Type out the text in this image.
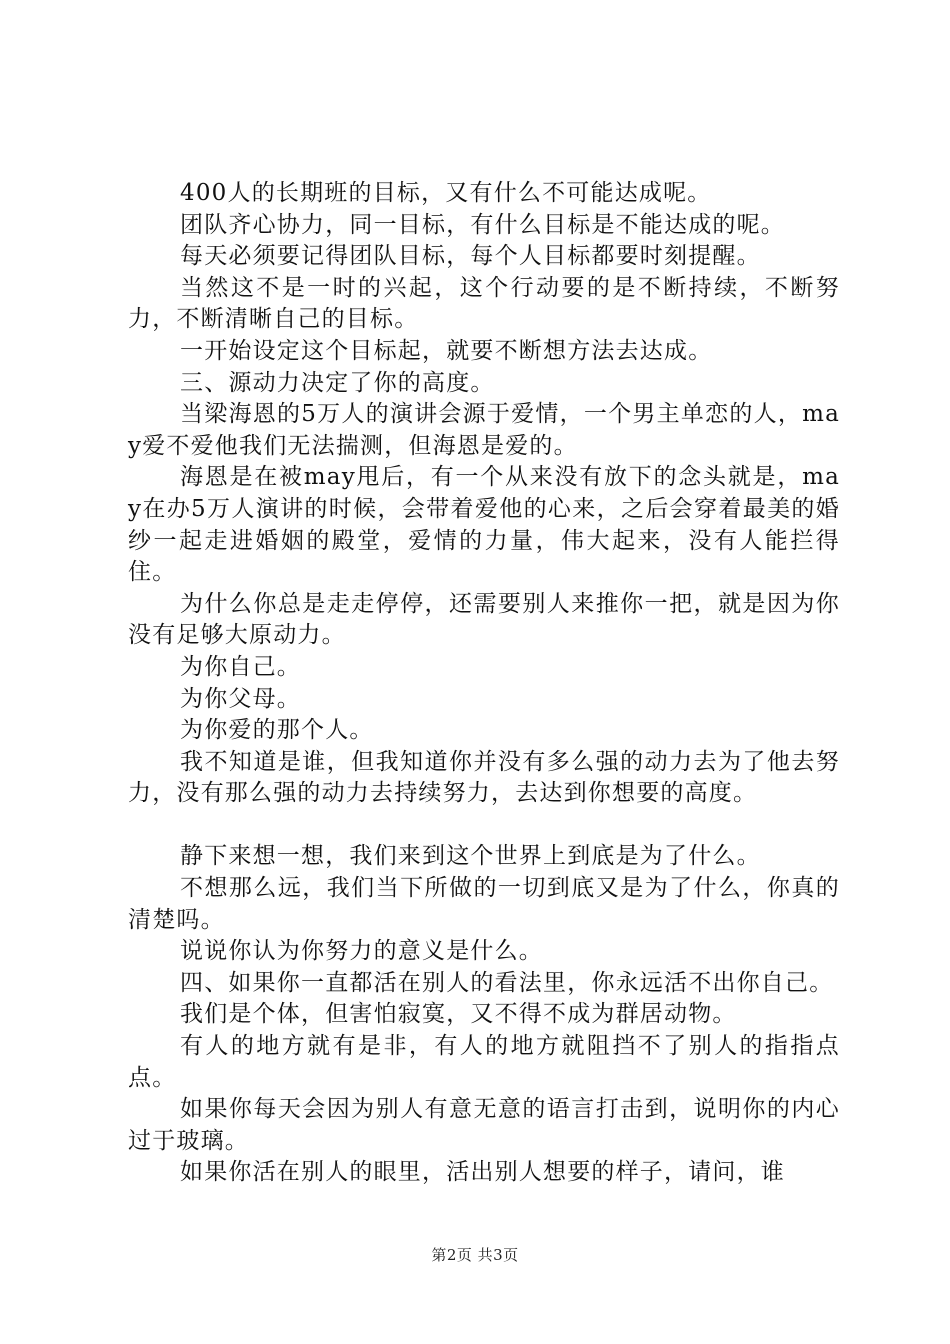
400人的长期班的目标，又有什么不可能达成呢。

团队齐心协力，同一目标，有什么目标是不能达成的呢。

每天必须要记得团队目标，每个人目标都要时刻提醒。

当然这不是一时的兴起，这个行动要的是不断持续，不断努力，不断清晰自己的目标。

一开始设定这个目标起，就要不断想方法去达成。

三、源动力决定了你的高度。

当梁海恩的5万人的演讲会源于爱情，一个男主单恋的人，may爱不爱他我们无法揣测，但海恩是爱的。

海恩是在被may甩后，有一个从来没有放下的念头就是，may在办5万人演讲的时候，会带着爱他的心来，之后会穿着最美的婚纱一起走进婚姻的殿堂，爱情的力量，伟大起来，没有人能拦得住。

为什么你总是走走停停，还需要别人来推你一把，就是因为你没有足够大原动力。

为你自己。

为你父母。

为你爱的那个人。

我不知道是谁，但我知道你并没有多么强的动力去为了他去努力，没有那么强的动力去持续努力，去达到你想要的高度。

静下来想一想，我们来到这个世界上到底是为了什么。

不想那么远，我们当下所做的一切到底又是为了什么，你真的清楚吗。

说说你认为你努力的意义是什么。

四、如果你一直都活在别人的看法里，你永远活不出你自己。

我们是个体，但害怕寂寞，又不得不成为群居动物。

有人的地方就有是非，有人的地方就阻挡不了别人的指指点点。

如果你每天会因为别人有意无意的语言打击到，说明你的内心过于玻璃。

如果你活在别人的眼里，活出别人想要的样子，请问，谁

第2页 共3页
